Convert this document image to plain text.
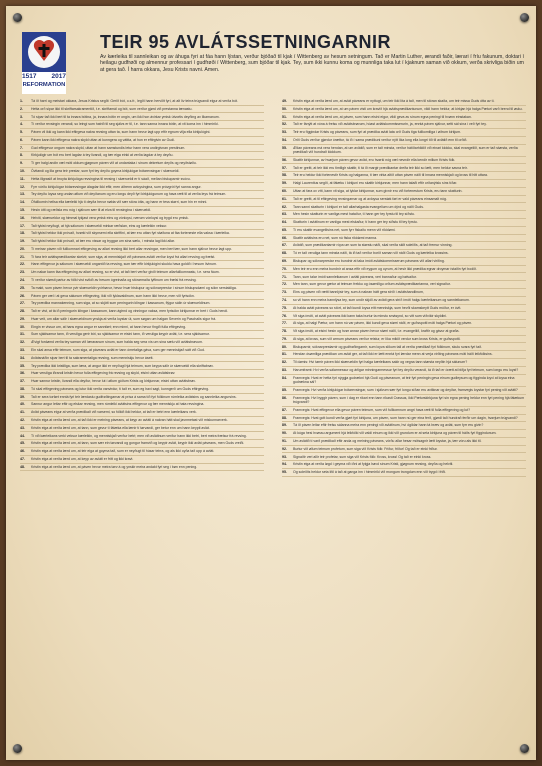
1517 2017
REFORMATION
TEIR 95 AVLÁTSSETNINGARNIR
Av kærleika til sannleikan og av áhuga fyri at fáa hann lýstan, verður bjóðað til kjak í Wittenberg av hesum setningum. Tað er Martin Luther, ærandi faðir, lærari í fríu fakunum, doktari í heilagu gudfrøði og almennur professari í gudfrøði í Wittenberg, sum bjóðar til kjak. Tey, sum ikki kunnu koma og munnliga taka lut í kjaknum saman við okkum, verða skrivliga biðin um at gera tað. Í harra okkara, Jesu Krists navni. Amen.
1. Tá ið harri og meistari okkara, Jesus Kristus segði: Gerið bót, o.s.fr., legði hann herviðt fyri, at alt lív teirra trúgvandi eigur at verða bót.
2. Hetta orð sipar ikki til skriftarsakramentið, t.e. skriftamál og bót, sum verður gjørd við prestanna tænastu.
3. Tó sipar tað ikki bert til ta innara bótina, ja, innara bótin er ongin, um ikki hon ávirkar ymisk útvortis deyðing av likamanum.
4. Tí verður revsingin verandi, so leingi sum hatrið til seg sjálvs er til, t.e. tann sanna innara bótin, at vit koma inn í himmiríki.
5. Páven vil ikki og kann ikki eftirgeva nakra revsing uttan ta, sum hann hevur lagt upp eftir egnum vilja ella kirkjulógini.
6. Páven kann ikki eftirgeva nakra skyld uttan at kunngera og váttta, at hon er eftirgivin av Gudi.
7. Gud eftirgevur ongum nakra skyld, uttan at hann samstundis letur hann vera undirgivnan prestinum.
8. Kirkjulógir um bót eru bert lagdar á tey livandi, og tær eiga einki at verða lagdar á tey deyðu.
9. Tí ger halgi andin væl móti okkum gjøgnum páven við at undantaka í sínum dekretum deyðs og neyðstøðu.
10. Óvitandi og illa gera teir prestar, sum fyri tey deyðu goyma kirkjulógar bótarevsingar í skærueldi.
11. Hetta illgrasið at broyta kirkjulóga revsingina til revsing í skærueldi er tí sáað, meðan biskuparnir svóvu.
12. Fyrr vórðu kirkjulógar bótarevsingar álagdar ikki eftir, men áðrenn avloysingina, sum próvgrót fyri sanna angur.
13. Tey deyðu loysa seg undan øllum við deyðanum og eru longu deyð fyri kirkjulógunum og hava rætt til at verða leys frá teimum.
14. Ófullkomin heilsa ella kærleiki hjá tí deyða hevur nøkta við sær stóra ótta, og hann er tess størri, sum hin er minni.
15. Hesin ótti og ræðsla eru nóg í sjálvum sær til at elva til revsingina í skærueldi.
16. Helviti, skærueldur og himmal tykjast vera ymisk eins og vónloysi, nærum vónloysi og trygd eru ymisk.
17. Tað tykist neyðugt, at hjá sálunum í skærueldi minkar ræðslan, eins og kærleikin veksur.
18. Tað tykist heldur ikki próvað, hvørki við skynsemi ella skriftini, at tær eru uttan fyri støðuna at fáa forteneste ella vaksa í kærleika.
19. Tað tykist heldur ikki próvað, at tær eru vissar og tryggar um sína sælu, í minsta lagi ikki allar.
20. Tí meinar páven við fullkomnari eftirgeving av allari revsing ikki bert allar revsingar, men bert tær, sum hann sjálvur hevur lagt upp.
21. Tí fara teir avlátsprædikantar skeivir, sum siga, at menniskjað við páveans avlátí verður loyst frá allari revsing og frælst.
22. Hann eftirgevur ja sálunum í skærueldi ongantíð ta revsing, sum tær eftir kirkjulógini skuldu hava goldið í hesum lívinum.
23. Um nakar kann fáa eftirgeving av allari revsing, so er vist, at tað bert verður givið teimum allarfullkomnastu, t.e. sera fáum.
24. Tí verður størsti partur av fólki víst svikið av hesum ógreinaða og stórarmaða lyftinum um frælsi frá revsing.
25. Ta makt, sum páven hevur yvir skærueldin yvirhøvur, hevur hvør biskupur og sóknarprestur í sínum biskupsdømi og sókn serstakliga.
26. Páven ger væl í at geva sálunum eftirgeving, ikki við lyklavaldinum, sum hann ikki hevur, men við fyrisókn.
27. Tey prædika mannakenning, sum siga, at so skjótt sum peningurin klingar í kassanum, flýgur sálin úr skærueldinum.
28. Tað er vist, at tá ið peningurin klingar í kassanum, kann ágirnd og vinningur vaksa, men fyrisókn kirkjunnar er bert í Guds hendi.
29. Hvør veit, um allar sálir í skærueldinum ynskja at verða loystar út, sum søgan um halgan Severin og Paschalis sigur frá.
30. Eingin er vissur um, at hans egna angur er sannført; enn minni, at hann hevur fingið fulla eftirgeving.
31. Sum sjáldsamur tann, ið veruliga gerir bót, so sjáldsamur er eisini tann, ið veruliga keypir avlát, t.e. sera sjáldsamur.
32. Ævigt fordømd verða tey saman við læraranum sínum, sum halda seg vera vís um sína sælu við avlátsbrøvum.
33. Ein skal ansa eftir teimum, sum siga, at páveans avlát er tann ómetaliga gáva, sum ger menniskjað sátt við Gud.
34. Avlátsnáðin sipar bert til ta sakramentaliga revsing, sum menniskju hevur ásett.
35. Tey prædika ikki kristiliga, sum læra, at angur ikki er neyðugt hjá teimum, sum keypa sálir úr skærueldi ella skriftabrøv.
36. Hvør veruliga iðrandi kristin hevur fulla eftirgeving frá revsing og skyld, eisini uttan avlátsbrøv.
37. Hvør sannur kristin, livandi ella deyður, hevur lut í øllum góðum Krists og kirkjunnar, eisini uttan avlátsbrøv.
38. Tó skal eftirgeving páveans og lutur ikki verða vanvirdur, tí tað er, sum eg havi sagt, kunngerð um Guds eftirgeving.
39. Tað er sera torført enntá fyri teir lærdastu gudfrøðingarnar at prísa á sama tíð fyri fólkinum rúmleika avlátsins og sannleika angursins.
40. Sannur angur leitar eftir og elskar revsing, men rúmleiki avlátsins eftirgevur og fær menniskju at hata revsingina.
41. Avlát páveans eigur at verða prædikað við varsemi, so fólkið ikki heldur, at tað er betri enn kærleikans verk.
42. Kristin eiga at verða lærd um, at tað ikki er meining páveans, at keyp av avláti á nakran hátt skal javnmetast við miskunnarverk.
43. Kristin eiga at verða lærd um, at tann, sum gevur tí fátæka ella lænir tí tørvandi, ger betur enn um hann keypti avlát.
44. Tí við kærleikans verki veksur kærleikin, og menniskjað verður betri; men við avlátinum verður hann ikki betri, bert meira frælsur frá revsing.
45. Kristin eiga at verða lærd um, at tann, sum sær ein tørvandi og gongur framvið og keypir avlát, keypir ikki avlát páveans, men Guds vreiði.
46. Kristin eiga at verða lærd um, at teir eiga at goyma tað, sum er neyðugt til húsar teirra, og als ikki oyða tað upp á avlát.
47. Kristin eiga at verða lærd um, at keyp av avláti er frítt og ikki kravt.
48. Kristin eiga at verða lærd um, at páven hevur meira tørv á og ynskir meira andakt fyri seg í bøn enn pening.
49. Kristin eiga at verða lærd um, at avlát páveans er nyttugt, um teir ikki líta á tað, men til stóran skaða, um teir missa Guds ótta av tí.
50. Kristin eiga at verða lærd um, at um páven visti um kravið hjá avlátsprædikantunum, vildi hann heldur, at kirkjan hjá halga Pæturi varð brend til øsku.
51. Kristin eiga at verða lærd um, at páven, sum hann eisini eigur, vildi geva av sínum egna peningi til hvønn einstakan.
52. Tað er fánýtt at vóna á frelsu við avlátsbrøvum, hóast avlátskommisserurin, ja, enntá páven sjálvur, setti sál sína í veð fyri tey.
53. Teir eru fíggindar Krists og páveans, sum fyri at prædika avlát lata orð Guds tiga fullkomiliga í øðrum kirkjum.
54. Orði Guds verður gjørdur órættur, tá ið í sama prædikuni verður nýtt líka long ella longri tíð til avlátið enn til orðið.
55. Ætlan páveans má vera hendan, at um avlátið, sum er tað minsta, verður hátíðarhildið við einari klokku, skal evangeliið, sum er tað størsta, verða prædikað við hundrað klokkum.
56. Skattir kirkjunnar, av hvørjum páven gevur avlát, eru hvørki nóg væl nevndir ella kendir millum Krists fólk.
57. Tað er greitt, at teir ikki eru timiligir skattir, tí tá ið margir prædikantar dreifa teir ikki so lætt, men heldur savna teir.
58. Teir eru heldur ikki fortenestir Krists og halganna, tí tær virka altíð uttan páven náði til innara menniskjað og kross til hitt uttara.
59. Halgi Laurentius segði, at fátæku í kirkjuni eru skattir kirkjunnar, men hann talaði eftir orðanýtslu síns tíðar.
60. Uttan at fara ov vítt, kann vit siga, at lyklar kirkjunnar, sum givnir eru við fortenestum Krists, eru tann skatturin.
61. Tað er greitt, at til eftirgeving revsingarnar og at avloysa serstøk føri er vald páveans einsamalt nóg.
62. Tann sanni skatturin í kirkjuni er tað allarhalgasta evangelium um dýrd og náði Guds.
63. Men hesin skatturin er vanliga mest hataður, tí hann ger tey fyrstu til tey síðstu.
64. Skatturin í avlátinum er vanliga mest elskaður, tí hann ger tey síðstu til tey fyrstu.
65. Tí eru skattir evangeliisins net, sum fyrr fiskaðu menn við ríkidømi.
66. Skattir avlátsins eru net, sum nú fiska ríkidømi manna.
67. Avlátið, sum prædikantarnir rópa um sum ta størstu náði, skal verða skilt soleiðis, at tað fremur vinning.
68. Tó er tað veruliga tann minsta náði, tá ið tað verður borið saman við náði Guds og kærleika krossins.
69. Biskupar og sóknarprestar eru bundnir at taka ímóti avlátskommisserum páveans við allari virðing.
70. Men teir eru enn meira bundnir at ansa eftir við eygum og oyrum, at hesir ikki prædika egnar droymar ístaðin fyri bodið.
71. Tann, sum talar ímóti sannleikanum í avláti páveans, veri bannaður og bølvaður.
72. Men tann, sum gevur gætur at teimum frekku og ósømiligu orðum avlátsprædikantanna, veri signaður.
73. Eins og páven við rætti bannlýsir tey, sum á nakran hátt gera stríð í avlátshandlinum,
74. so vil hann enn meira bannlýsa tey, sum undir skjóli av avláti gera stríð ímóti halgu kærleikanum og sannleikanum.
75. At halda avlát páveans so stórt, at tað kundi loysa eitt menniskja, sum hevði skamskeytt Guds móður, er óvit.
76. Vit siga ímóti, at avlát páveans ikki kann taka burtur ta minstu smásynd, so vítt sum viðvíkir skyldini.
77. At siga, at halgi Pætur, um hann nú var páven, ikki kundi geva størri náði, er guðsspotti móti halga Pæturi og páven.
78. Vit siga ímóti, at eisini hesin og hvør annar páven hevur størri náði, t.e. evangeliið, kraftir og gávur at grøða.
79. At siga, at kross, sum við armum páveans verður reistur, er líka mikið verdur sum kross Krists, er guðsspotti.
80. Biskuparnir, sóknarprestarnir og gudfrøðingarnir, sum loyva slíkum tali at verða prædikað fyri fólkinum, skulu svara fyri tað.
81. Hendan ósømiliga prædikan um avlát ger, at tað ikki er lætt enntá fyri lærdar menn at verja virðing páveans móti háði leikfólksins.
82. Til dømis: Hví tømir páven ikki skærueldin fyri halga kærleikans sakir og vegna tann størsta neyðin hjá sálunum?
83. Harumframt: Hví verða sálarmessur og árligar minningarmessur fyri tey deyðu verandi, tá ið tað er órætt at biðja fyri teimum, sum longu eru loyst?
84. Framvegis: Hvat er hetta fyri nýggja gudrækni hjá Gudi og páveanum, at teir fyri peningin geva einum gudleysum og fígginda loyvi at loysa eina gudrækna sál?
85. Framvegis: Hví verða kirkjulógar bótarevsingar, sum í sjálvum sær fyri longu síðan eru avtiknar og deyðar, framvegis loystar fyri pening við avláti?
86. Framvegis: Hví byggir páven, sum í dag er ríkari enn tann ríkasti Crassus, ikki Pæturskirkjuna fyri sín egna pening heldur enn fyri pening hjá fátækum trúgvandi?
87. Framvegis: Hvat eftirgevur ella gevur páven teimum, sum við fullkomnum angri hava rætt til fulla eftirgeving og lut?
88. Framvegis: Hvat gott kundi verða gjørt fyri kirkjuna, um páven, sum hann nú ger eina ferð, gjørdi tað hundrað ferðir um dagin, hvørjum trúgvandi?
89. Tá ið páven leitar eftir frelsu sálanna meira enn peningi við avlátinum, hví ógildar hann tá bræv og avlát, sum fyrr eru givin?
90. At kúga hesi hvøssu argument hjá leikfólki við valdi einum og ikki við grundum er at seta kirkjuna og páven til háðs fyri fíggindunum.
91. Um avlátið tí varð prædikað eftir anda og meining páveans, vórðu allar hesar mótsagnir lætt loystar, ja, tær vóru als ikki til.
92. Burtur við øllum teimum profetum, sum siga við Krists fólk: Friður, friður! Og tað er einki friður.
93. Signaðir veri allir teir profetar, sum siga við Krists fólk: Kross, kross! Og tað er einki kross.
94. Kristin eiga at verða løgd í geyma við íðni at fylgja høvd sínum Kristi, gjøgnum revsing, deyða og helviti.
95. Og soleiðis heldur seta lítil á tað at ganga inn í himmiríki við mongum trongdum enn við trygd í friði.
